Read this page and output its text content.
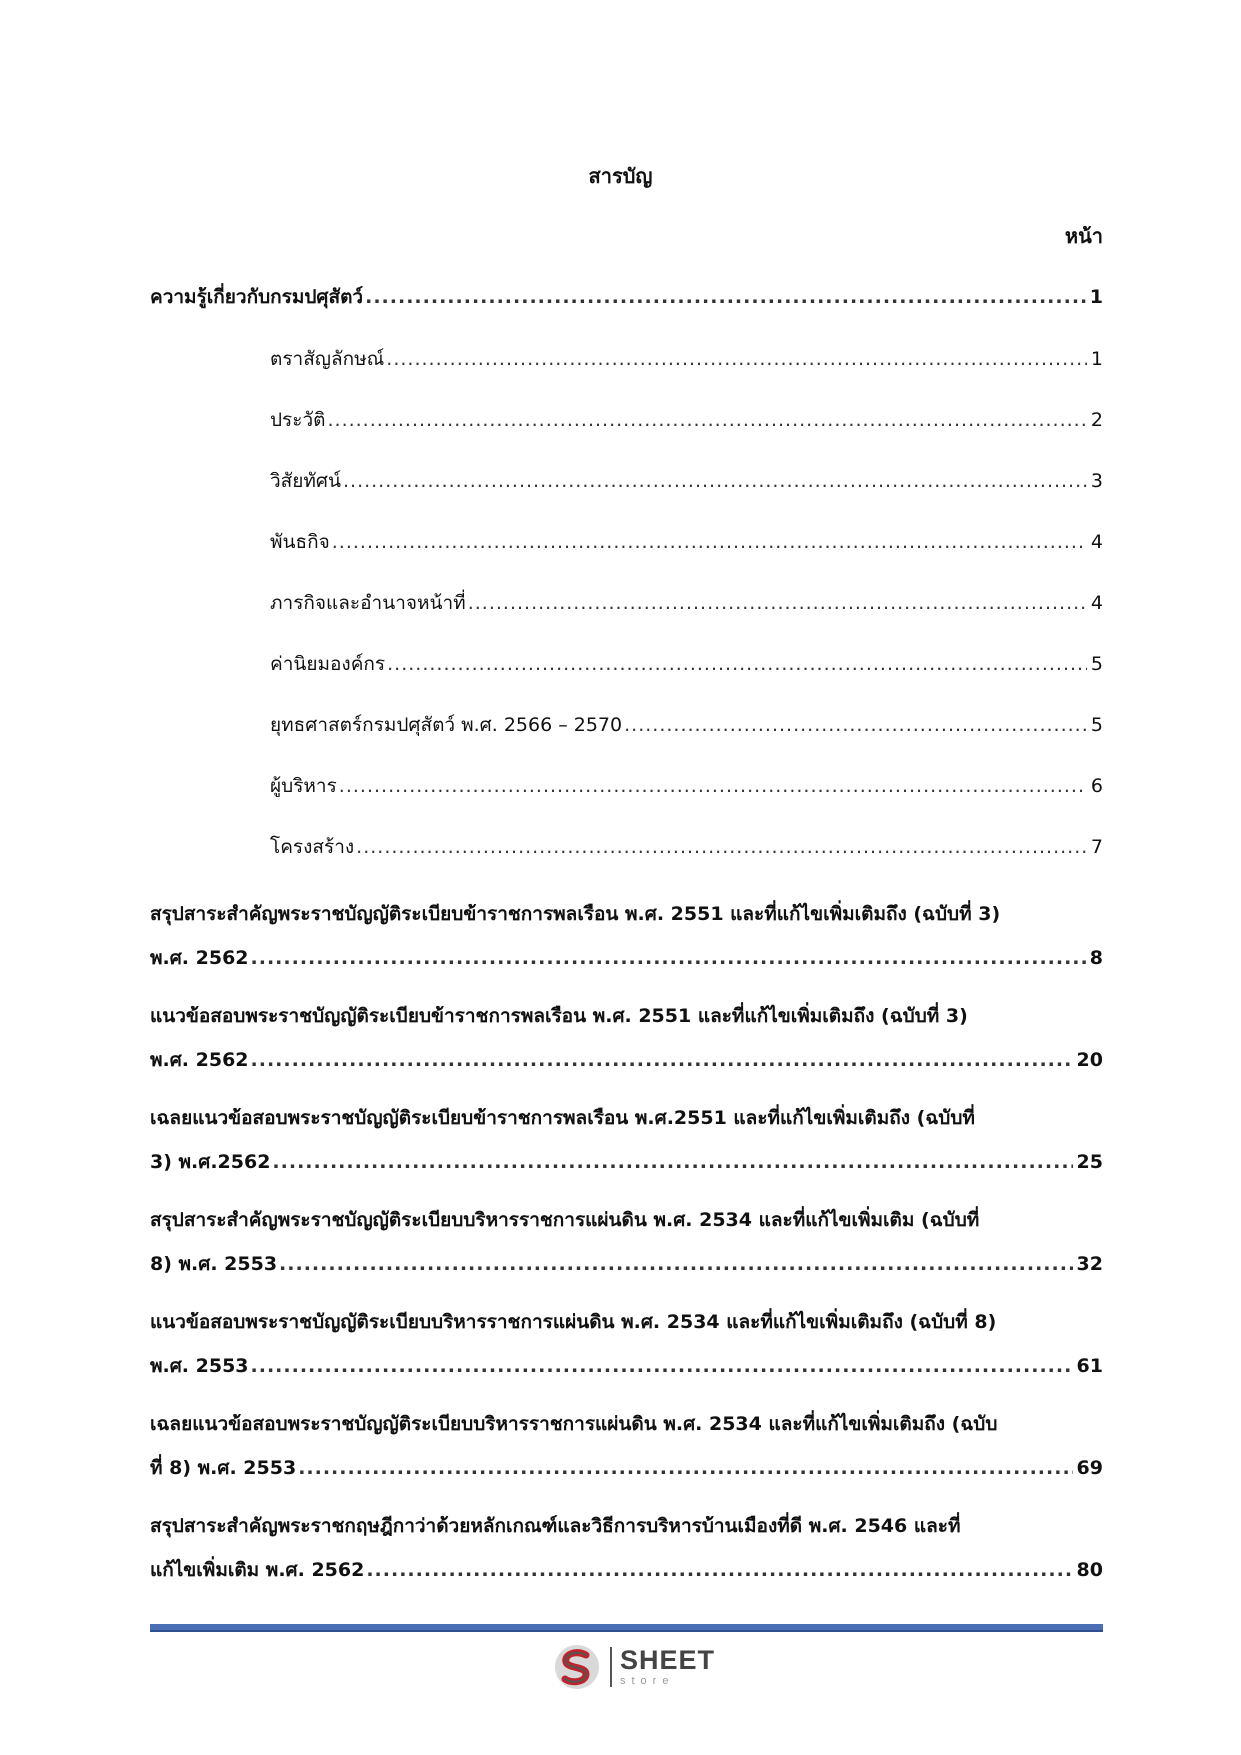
สารบัญ
หน้า
ความรู้เกี่ยวกับกรมปศุสัตว์ .....	1
ตราสัญลักษณ์ .....	1
ประวัติ .....	2
วิสัยทัศน์ .....	3
พันธกิจ .....	4
ภารกิจและอำนาจหน้าที่ .....	4
ค่านิยมองค์กร .....	5
ยุทธศาสตร์กรมปศุสัตว์ พ.ศ. 2566 – 2570 .....	5
ผู้บริหาร .....	6
โครงสร้าง .....	7
สรุปสาระสำคัญพระราชบัญญัติระเบียบข้าราชการพลเรือน พ.ศ. 2551 และที่แก้ไขเพิ่มเติมถึง (ฉบับที่ 3)
พ.ศ. 2562 .....	8
แนวข้อสอบพระราชบัญญัติระเบียบข้าราชการพลเรือน พ.ศ. 2551 และที่แก้ไขเพิ่มเติมถึง (ฉบับที่ 3)
พ.ศ. 2562 .....	20
เฉลยแนวข้อสอบพระราชบัญญัติระเบียบข้าราชการพลเรือน พ.ศ.2551 และที่แก้ไขเพิ่มเติมถึง (ฉบับที่
3) พ.ศ.2562 .....	25
สรุปสาระสำคัญพระราชบัญญัติระเบียบบริหารราชการแผ่นดิน พ.ศ. 2534 และที่แก้ไขเพิ่มเติม (ฉบับที่
8) พ.ศ. 2553 .....	32
แนวข้อสอบพระราชบัญญัติระเบียบบริหารราชการแผ่นดิน พ.ศ. 2534 และที่แก้ไขเพิ่มเติมถึง (ฉบับที่ 8)
พ.ศ. 2553 .....	61
เฉลยแนวข้อสอบพระราชบัญญัติระเบียบบริหารราชการแผ่นดิน พ.ศ. 2534 และที่แก้ไขเพิ่มเติมถึง (ฉบับ
ที่ 8) พ.ศ. 2553 .....	69
สรุปสาระสำคัญพระราชกฤษฎีกาว่าด้วยหลักเกณฑ์และวิธีการบริหารบ้านเมืองที่ดี พ.ศ. 2546 และที่
แก้ไขเพิ่มเติม พ.ศ. 2562 .....	80
SHEET
store
